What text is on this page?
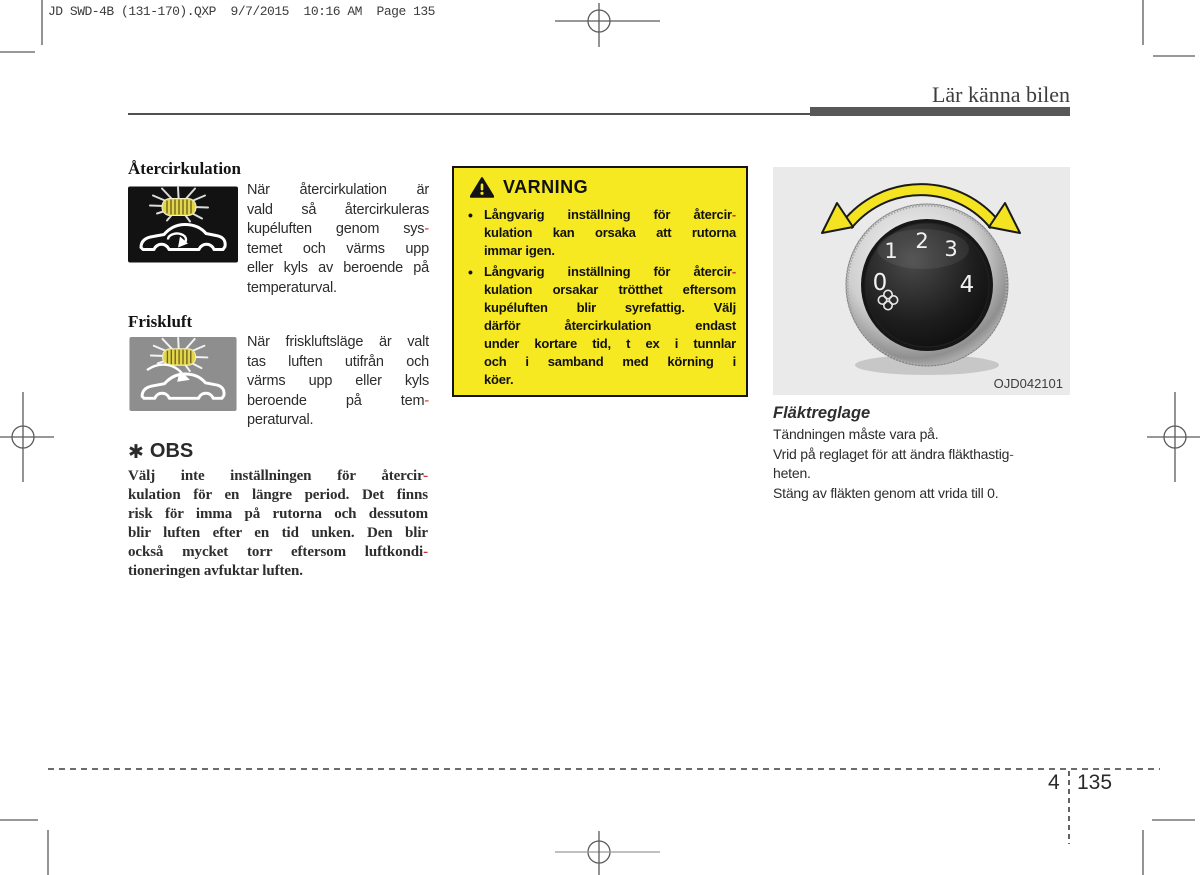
JD SWD-4B (131-170).QXP  9/7/2015  10:16 AM  Page 135
Lär känna bilen
Återcirkulation
När återcirkulation är
vald så återcirkuleras
kupéluften genom sys-
temet och värms upp
eller kyls av beroende på
temperaturval.
Friskluft
När friskluftsläge är valt
tas luften utifrån och
värms upp eller kyls
beroende på tem-
peraturval.
✱ OBS
Välj inte inställningen för återcir-
kulation för en längre period. Det finns
risk för imma på rutorna och dessutom
blir luften efter en tid unken. Den blir
också mycket torr eftersom luftkondi-
tioneringen avfuktar luften.
VARNING
• Långvarig inställning för återcir-
kulation kan orsaka att rutorna
immar igen.
• Långvarig inställning för återcir-
kulation orsakar trötthet eftersom
kupéluften blir syrefattig. Välj
därför återcirkulation endast
under kortare tid, t ex i tunnlar
och i samband med körning i
köer.
0
1 2 3
4
OJD042101
Fläktreglage
Tändningen måste vara på.
Vrid på reglaget för att ändra fläkthastig-
heten.
Stäng av fläkten genom att vrida till 0.
4 135
